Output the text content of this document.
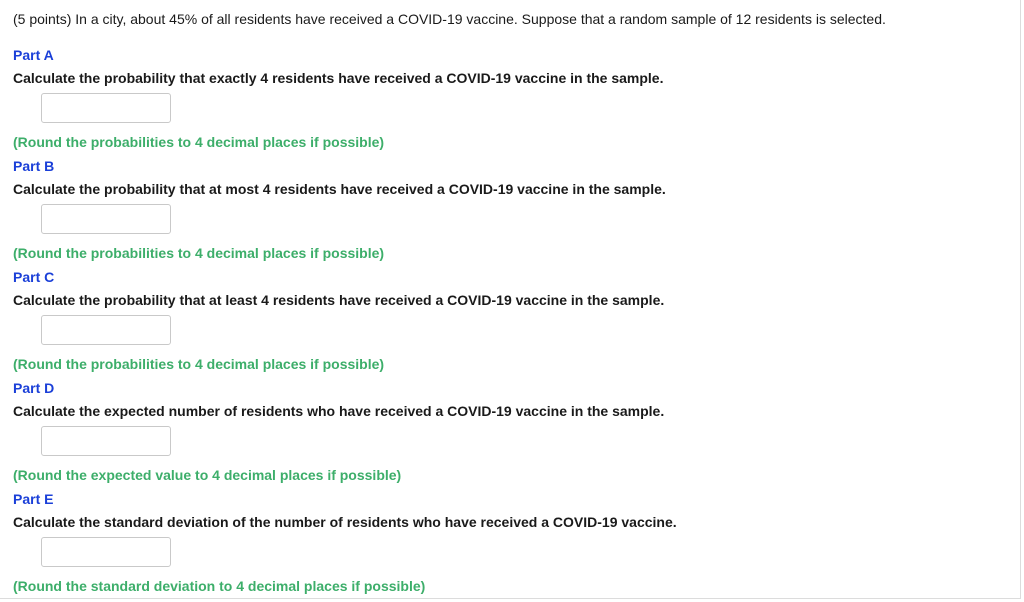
(5 points) In a city, about 45% of all residents have received a COVID-19 vaccine. Suppose that a random sample of 12 residents is selected.
Part A
Calculate the probability that exactly 4 residents have received a COVID-19 vaccine in the sample.
(Round the probabilities to 4 decimal places if possible)
Part B
Calculate the probability that at most 4 residents have received a COVID-19 vaccine in the sample.
(Round the probabilities to 4 decimal places if possible)
Part C
Calculate the probability that at least 4 residents have received a COVID-19 vaccine in the sample.
(Round the probabilities to 4 decimal places if possible)
Part D
Calculate the expected number of residents who have received a COVID-19 vaccine in the sample.
(Round the expected value to 4 decimal places if possible)
Part E
Calculate the standard deviation of the number of residents who have received a COVID-19 vaccine.
(Round the standard deviation to 4 decimal places if possible)
